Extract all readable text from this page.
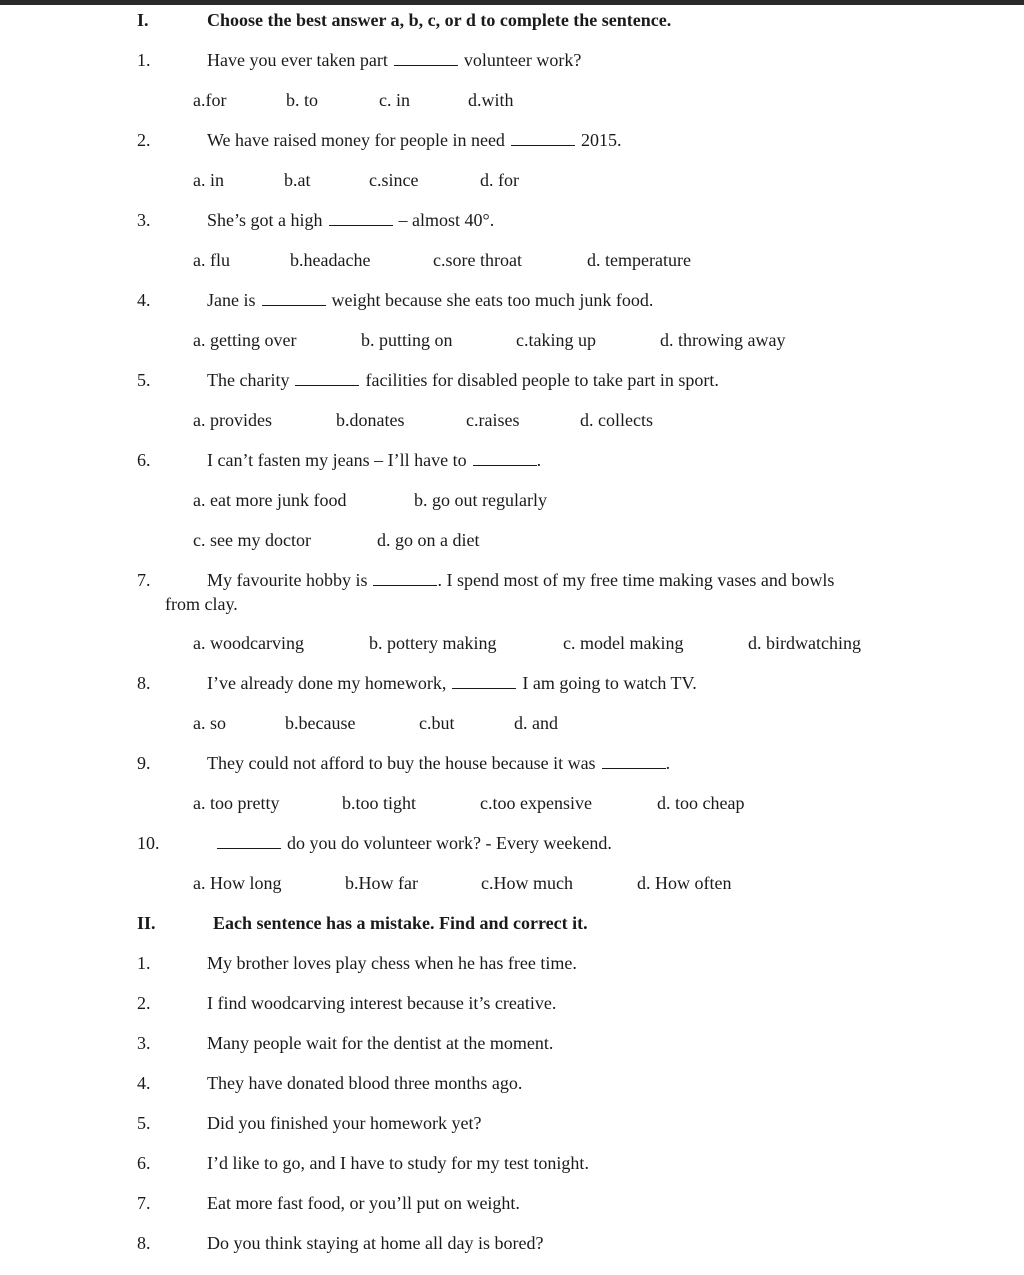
I.	Choose the best answer a, b, c, or d to complete the sentence.
1.	Have you ever taken part	volunteer work?
a.for	b. to	c. in	d.with
2.	We have raised money for people in need	2015.
a. in	b.at	c.since	d. for
3.	She’s got a high	– almost 40°.
a. flu	b.headache	c.sore throat	d. temperature
4.	Jane is	weight because she eats too much junk food.
a. getting over	b. putting on	c.taking up	d. throwing away
5.	The charity	facilities for disabled people to take part in sport.
a. provides	b.donates	c.raises	d. collects
6.	I can’t fasten my jeans – I’ll have to	.
a. eat more junk food	b. go out regularly
c. see my doctor	d. go on a diet
7.	My favourite hobby is	. I spend most of my free time making vases and bowls
from clay.
a. woodcarving	b. pottery making	c. model making	d. birdwatching
8.	I’ve already done my homework,	I am going to watch TV.
a. so	b.because	c.but	d. and
9.	They could not afford to buy the house because it was	.
a. too pretty	b.too tight	c.too expensive	d. too cheap
10.	do you do volunteer work? - Every weekend.
a. How long	b.How far	c.How much	d. How often
II.	Each sentence has a mistake. Find and correct it.
1.	My brother loves play chess when he has free time.
2.	I find woodcarving interest because it’s creative.
3.	Many people wait for the dentist at the moment.
4.	They have donated blood three months ago.
5.	Did you finished your homework yet?
6.	I’d like to go, and I have to study for my test tonight.
7.	Eat more fast food, or you’ll put on weight.
8.	Do you think staying at home all day is bored?
